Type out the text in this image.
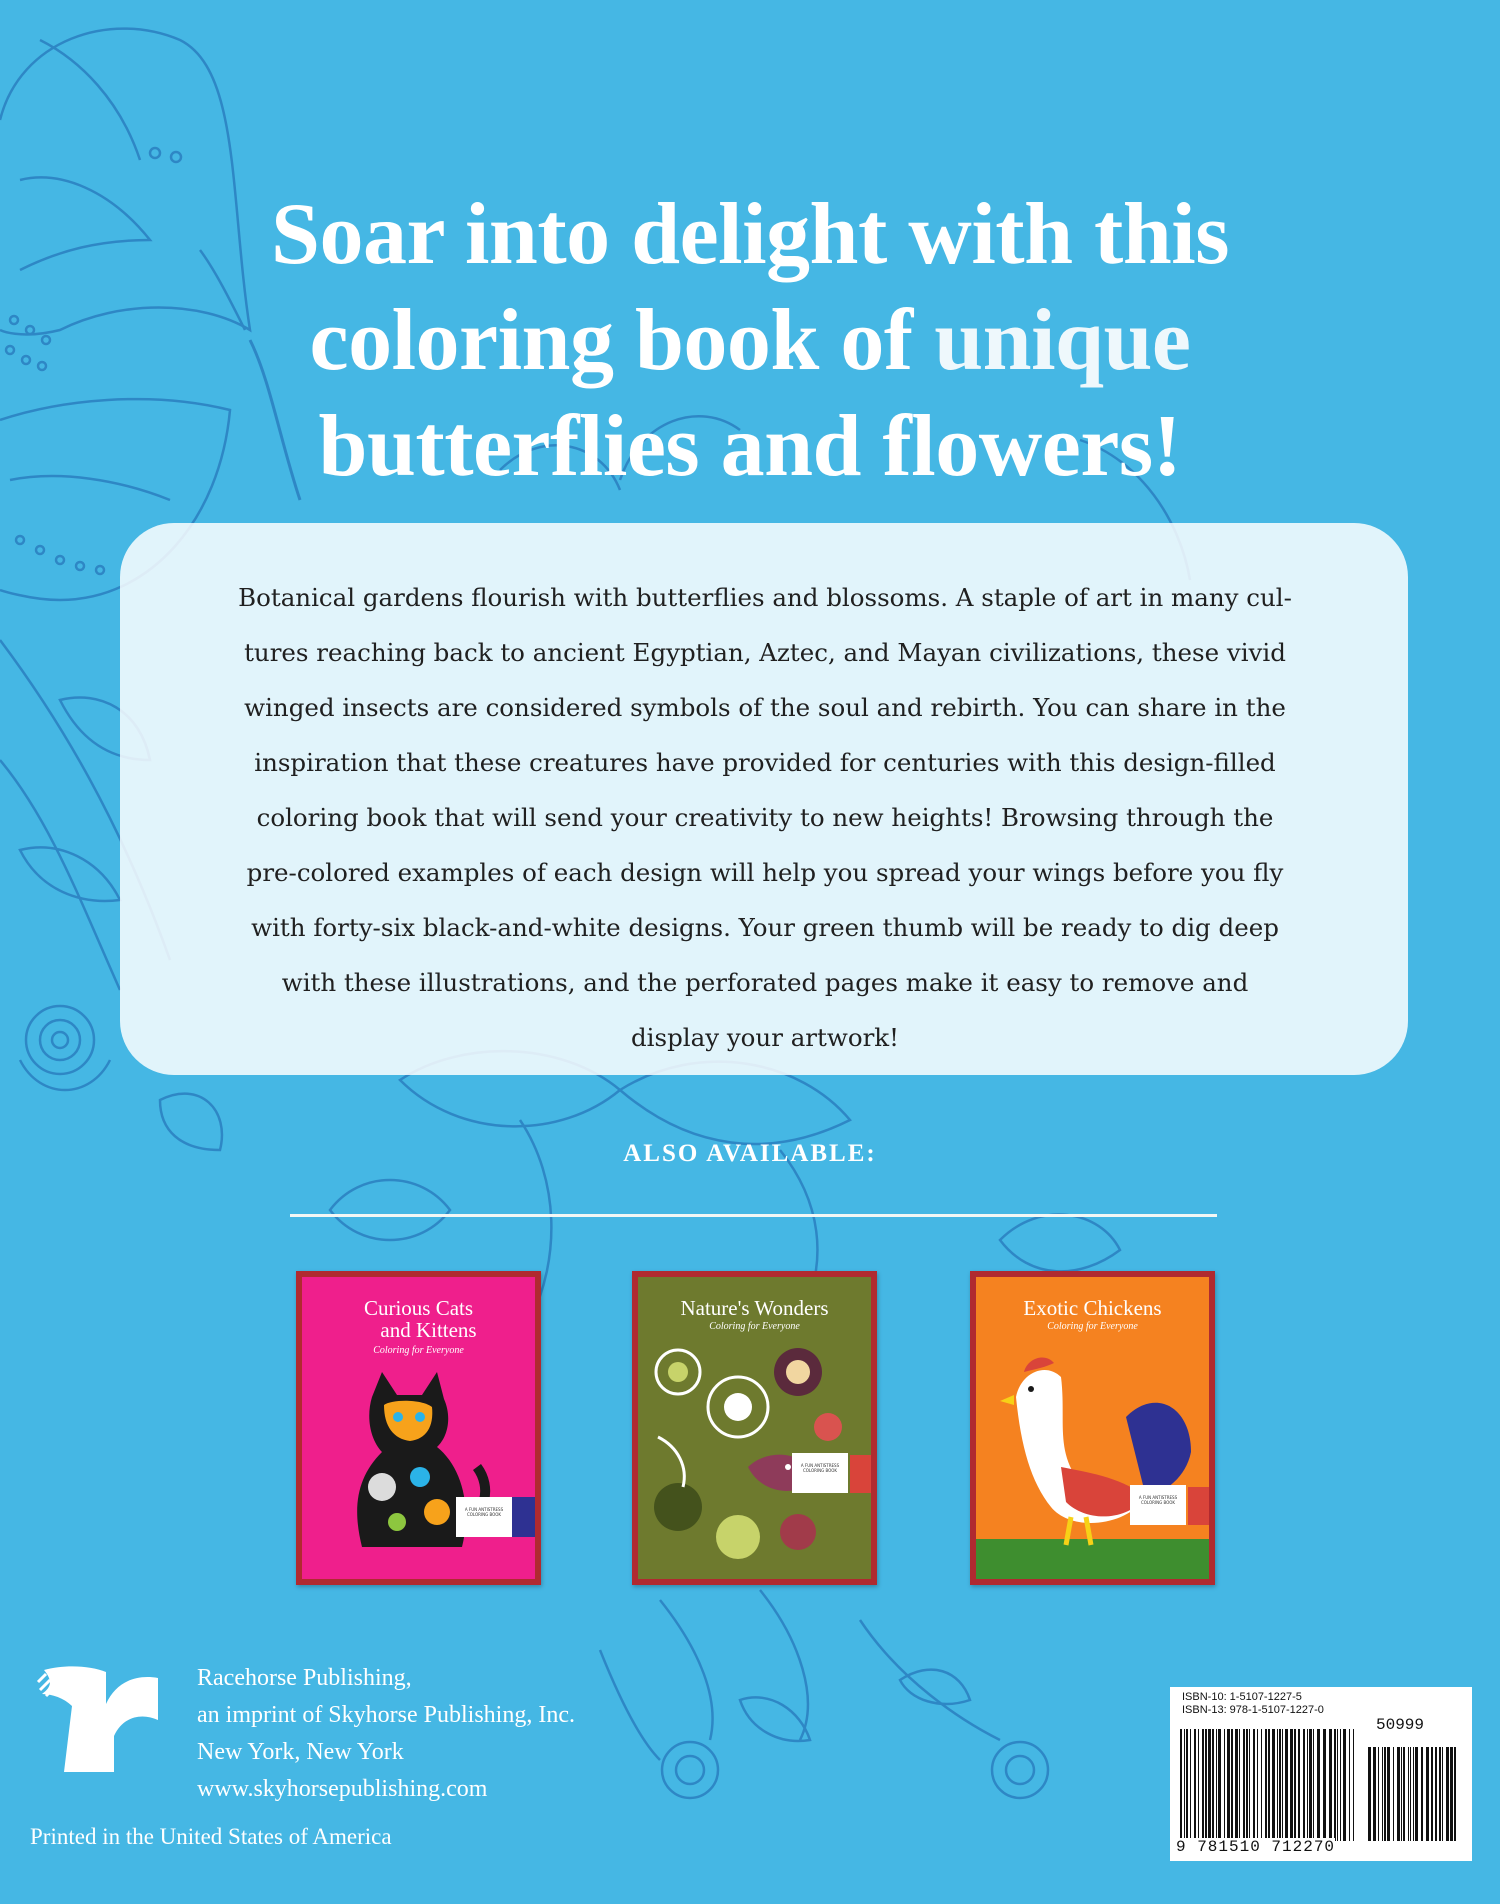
Soar into delight with this
coloring book of unique
butterflies and flowers!

Botanical gardens flourish with butterflies and blossoms. A staple of art in many cul-
tures reaching back to ancient Egyptian, Aztec, and Mayan civilizations, these vivid
winged insects are considered symbols of the soul and rebirth. You can share in the
inspiration that these creatures have provided for centuries with this design-filled
coloring book that will send your creativity to new heights! Browsing through the
pre-colored examples of each design will help you spread your wings before you fly
with forty-six black-and-white designs. Your green thumb will be ready to dig deep
with these illustrations, and the perforated pages make it easy to remove and
display your artwork!

ALSO AVAILABLE:
Curious Cats
and Kittens
Coloring for Everyone
A FUN ANTISTRESS COLORING BOOK
Nature's Wonders
Coloring for Everyone
A FUN ANTISTRESS COLORING BOOK
Exotic Chickens
Coloring for Everyone
A FUN ANTISTRESS COLORING BOOK

Racehorse Publishing,
an imprint of Skyhorse Publishing, Inc.
New York, New York
www.skyhorsepublishing.com

Printed in the United States of America
ISBN-10: 1-5107-1227-5
ISBN-13: 978-1-5107-1227-0
50999
9 781510 712270
